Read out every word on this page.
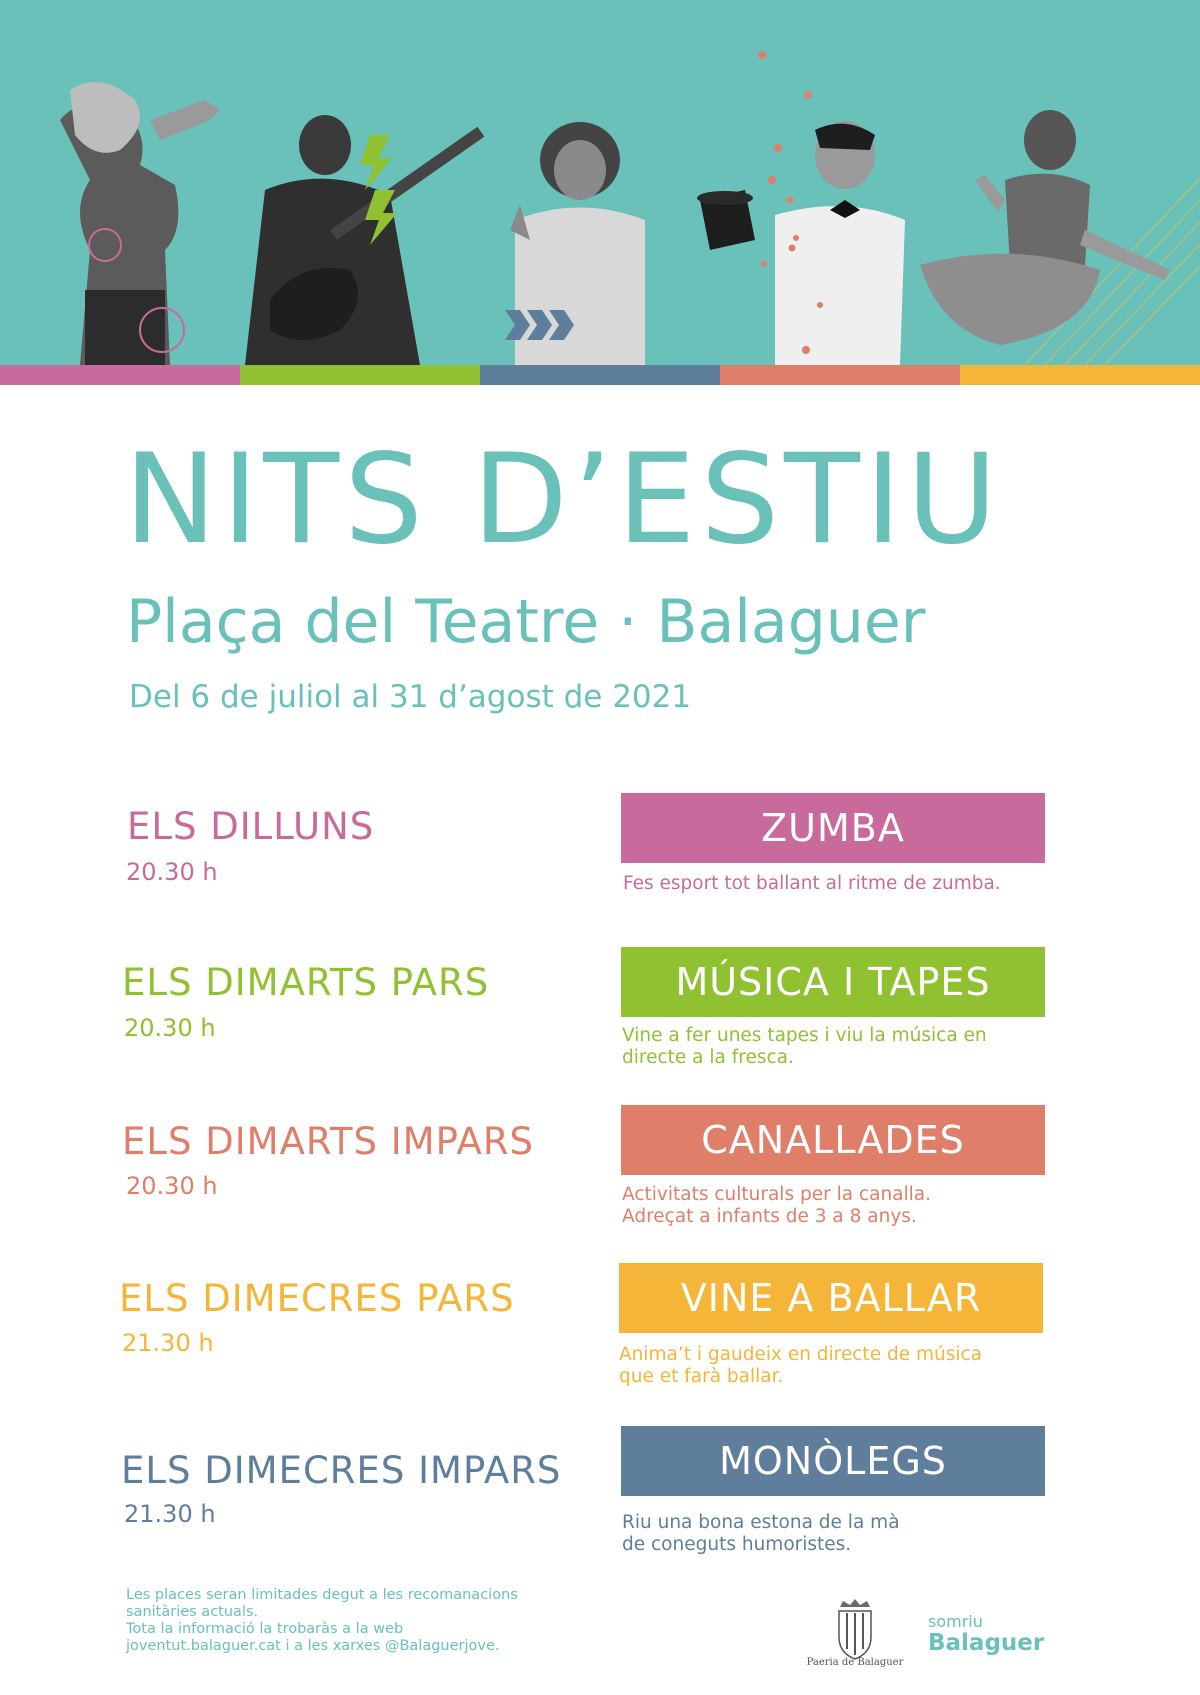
NITS D’ESTIU
Plaça del Teatre · Balaguer
Del 6 de juliol al 31 d’agost de 2021
ELS DILLUNS
20.30 h
ZUMBA
Fes esport tot ballant al ritme de zumba.
ELS DIMARTS PARS
20.30 h
MÚSICA I TAPES
Vine a fer unes tapes i viu la música en
directe a la fresca.
ELS DIMARTS IMPARS
20.30 h
CANALLADES
Activitats culturals per la canalla.
Adreçat a infants de 3 a 8 anys.
ELS DIMECRES PARS
21.30 h
VINE A BALLAR
Anima’t i gaudeix en directe de música
que et farà ballar.
ELS DIMECRES IMPARS
21.30 h
MONÒLEGS
Riu una bona estona de la mà
de coneguts humoristes.
Les places seran limitades degut a les recomanacions
sanitàries actuals.
Tota la informació la trobaràs a la web
joventut.balaguer.cat i a les xarxes @Balaguerjove.
Paeria de Balaguer
somriu
Balaguer
